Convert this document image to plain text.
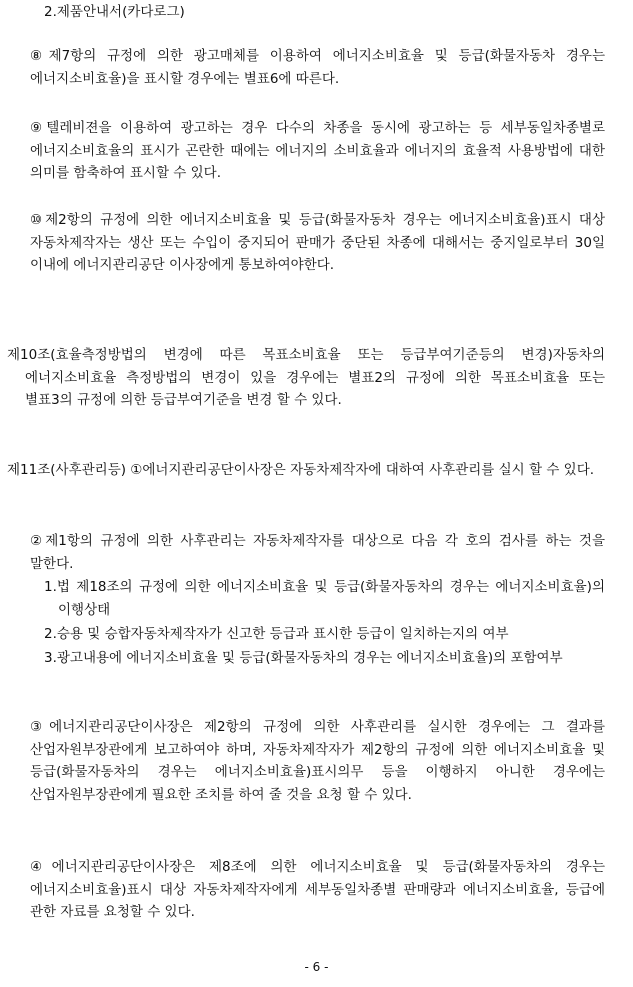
2.제품안내서(카다로그)
⑧제7항의 규정에 의한 광고매체를 이용하여 에너지소비효율 및 등급(화물자동차 경우는 에너지소비효율)을 표시할 경우에는 별표6에 따른다.
⑨텔레비젼을 이용하여 광고하는 경우 다수의 차종을 동시에 광고하는 등 세부동일차종별로 에너지소비효율의 표시가 곤란한 때에는 에너지의 소비효율과 에너지의 효율적 사용방법에 대한 의미를 함축하여 표시할 수 있다.
⑩제2항의 규정에 의한 에너지소비효율 및 등급(화물자동차 경우는 에너지소비효율)표시 대상 자동차제작자는 생산 또는 수입이 중지되어 판매가 중단된 차종에 대해서는 중지일로부터 30일 이내에 에너지관리공단 이사장에게 통보하여야한다.
제10조(효율측정방법의 변경에 따른 목표소비효율 또는 등급부여기준등의 변경)자동차의 에너지소비효율 측정방법의 변경이 있을 경우에는 별표2의 규정에 의한 목표소비효율 또는 별표3의 규정에 의한 등급부여기준을 변경 할 수 있다.
제11조(사후관리등) ①에너지관리공단이사장은 자동차제작자에 대하여 사후관리를 실시 할 수 있다.
②제1항의 규정에 의한 사후관리는 자동차제작자를 대상으로 다음 각 호의 검사를 하는 것을 말한다.
1.법 제18조의 규정에 의한 에너지소비효율 및 등급(화물자동차의 경우는 에너지소비효율)의 이행상태
2.승용 및 승합자동차제작자가 신고한 등급과 표시한 등급이 일치하는지의 여부
3.광고내용에 에너지소비효율 및 등급(화물자동차의 경우는 에너지소비효율)의 포함여부
③에너지관리공단이사장은 제2항의 규정에 의한 사후관리를 실시한 경우에는 그 결과를 산업자원부장관에게 보고하여야 하며, 자동차제작자가 제2항의 규정에 의한 에너지소비효율 및 등급(화물자동차의 경우는 에너지소비효율)표시의무 등을 이행하지 아니한 경우에는 산업자원부장관에게 필요한 조치를 하여 줄 것을 요청 할 수 있다.
④에너지관리공단이사장은 제8조에 의한 에너지소비효율 및 등급(화물자동차의 경우는 에너지소비효율)표시 대상 자동차제작자에게 세부동일차종별 판매량과 에너지소비효율, 등급에 관한 자료를 요청할 수 있다.
- 6 -
